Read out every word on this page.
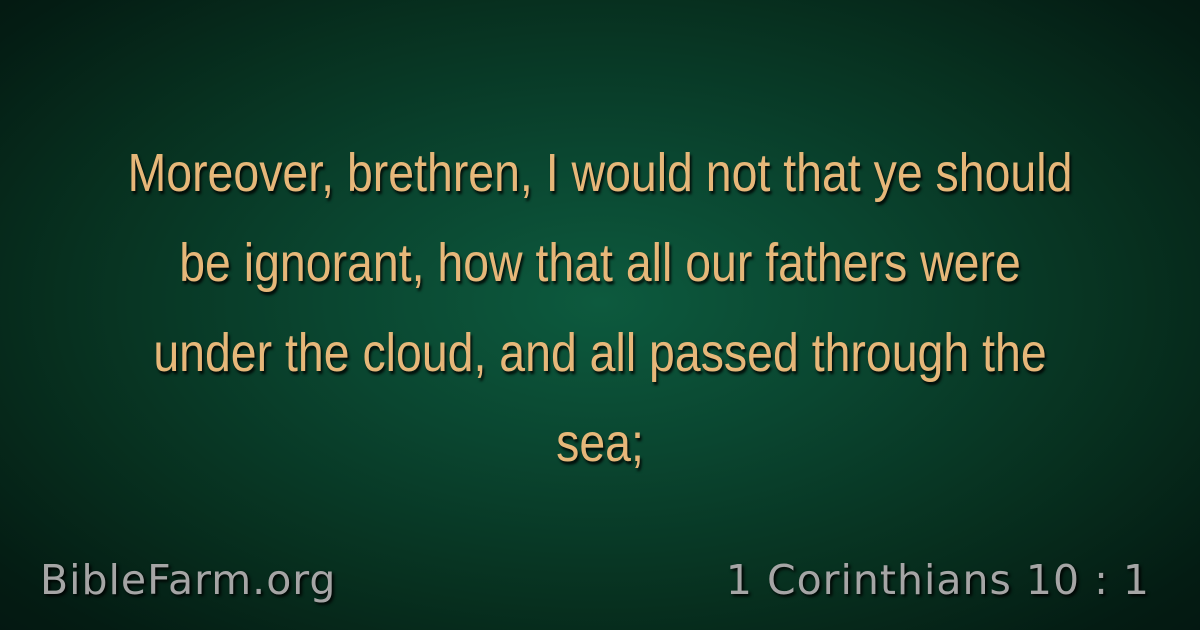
Moreover, brethren, I would not that ye should be ignorant, how that all our fathers were under the cloud, and all passed through the sea;

BibleFarm.org	1 Corinthians 10 : 1
